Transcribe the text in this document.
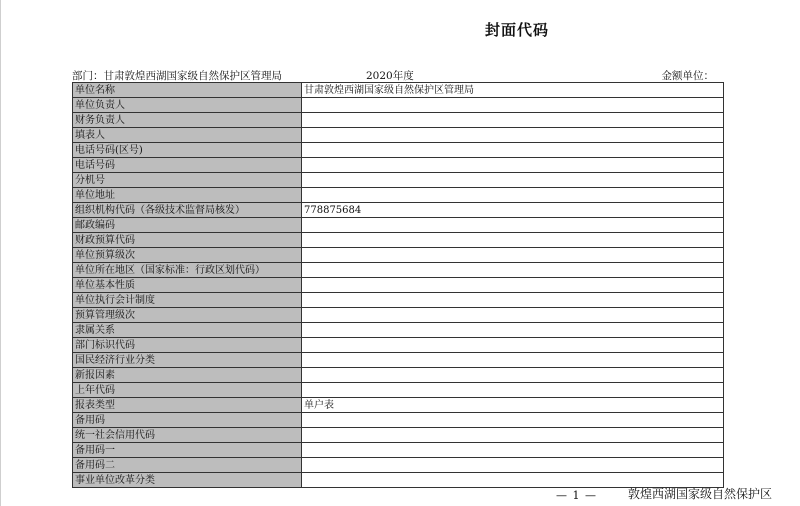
封面代码
部门：甘肃敦煌西湖国家级自然保护区管理局	2020年度	金额单位：
单位名称	甘肃敦煌西湖国家级自然保护区管理局
单位负责人	
财务负责人	
填表人	
电话号码(区号)	
电话号码	
分机号	
单位地址	
组织机构代码（各级技术监督局核发）	778875684
邮政编码	
财政预算代码	
单位预算级次	
单位所在地区（国家标准：行政区划代码）	
单位基本性质	
单位执行会计制度	
预算管理级次	
隶属关系	
部门标识代码	
国民经济行业分类	
新报因素	
上年代码	
报表类型	单户表
备用码	
统一社会信用代码	
备用码一	
备用码二	
事业单位改革分类	
— 1 —	敦煌西湖国家级自然保护区
